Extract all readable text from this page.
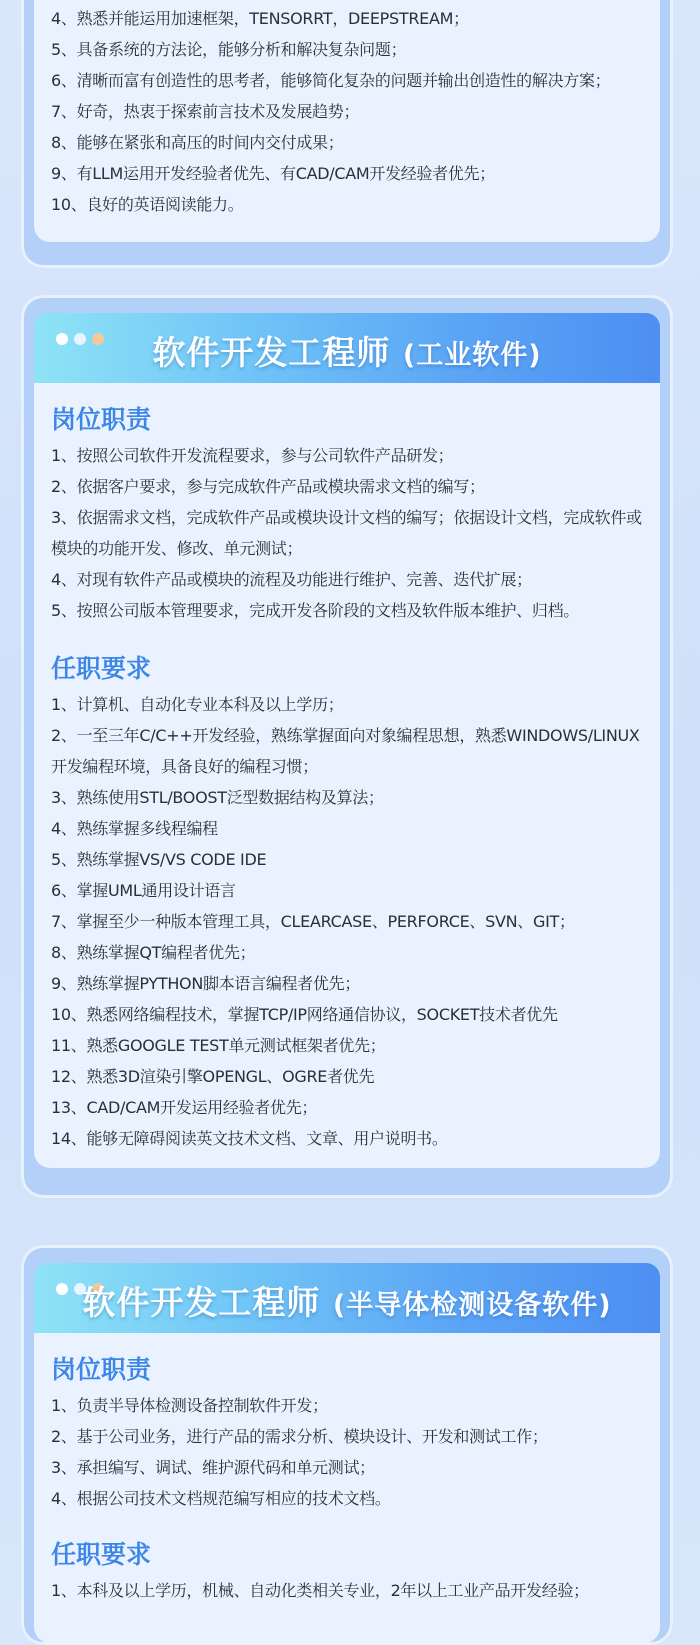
4、熟悉并能运用加速框架，TENSORRT，DEEPSTREAM；
5、具备系统的方法论，能够分析和解决复杂问题；
6、清晰而富有创造性的思考者，能够简化复杂的问题并输出创造性的解决方案；
7、好奇，热衷于探索前言技术及发展趋势；
8、能够在紧张和高压的时间内交付成果；
9、有LLM运用开发经验者优先、有CAD/CAM开发经验者优先；
10、良好的英语阅读能力。
软件开发工程师 (工业软件)
岗位职责
1、按照公司软件开发流程要求，参与公司软件产品研发；
2、依据客户要求，参与完成软件产品或模块需求文档的编写；
3、依据需求文档，完成软件产品或模块设计文档的编写；依据设计文档，完成软件或模块的功能开发、修改、单元测试；
4、对现有软件产品或模块的流程及功能进行维护、完善、迭代扩展；
5、按照公司版本管理要求，完成开发各阶段的文档及软件版本维护、归档。
任职要求
1、计算机、自动化专业本科及以上学历；
2、一至三年C/C++开发经验，熟练掌握面向对象编程思想，熟悉WINDOWS/LINUX开发编程环境，具备良好的编程习惯；
3、熟练使用STL/BOOST泛型数据结构及算法；
4、熟练掌握多线程编程
5、熟练掌握VS/VS CODE IDE
6、掌握UML通用设计语言
7、掌握至少一种版本管理工具，CLEARCASE、PERFORCE、SVN、GIT；
8、熟练掌握QT编程者优先；
9、熟练掌握PYTHON脚本语言编程者优先；
10、熟悉网络编程技术，掌握TCP/IP网络通信协议，SOCKET技术者优先
11、熟悉GOOGLE TEST单元测试框架者优先；
12、熟悉3D渲染引擎OPENGL、OGRE者优先
13、CAD/CAM开发运用经验者优先；
14、能够无障碍阅读英文技术文档、文章、用户说明书。
软件开发工程师 (半导体检测设备软件)
岗位职责
1、负责半导体检测设备控制软件开发；
2、基于公司业务，进行产品的需求分析、模块设计、开发和测试工作；
3、承担编写、调试、维护源代码和单元测试；
4、根据公司技术文档规范编写相应的技术文档。
任职要求
1、本科及以上学历，机械、自动化类相关专业，2年以上工业产品开发经验；
